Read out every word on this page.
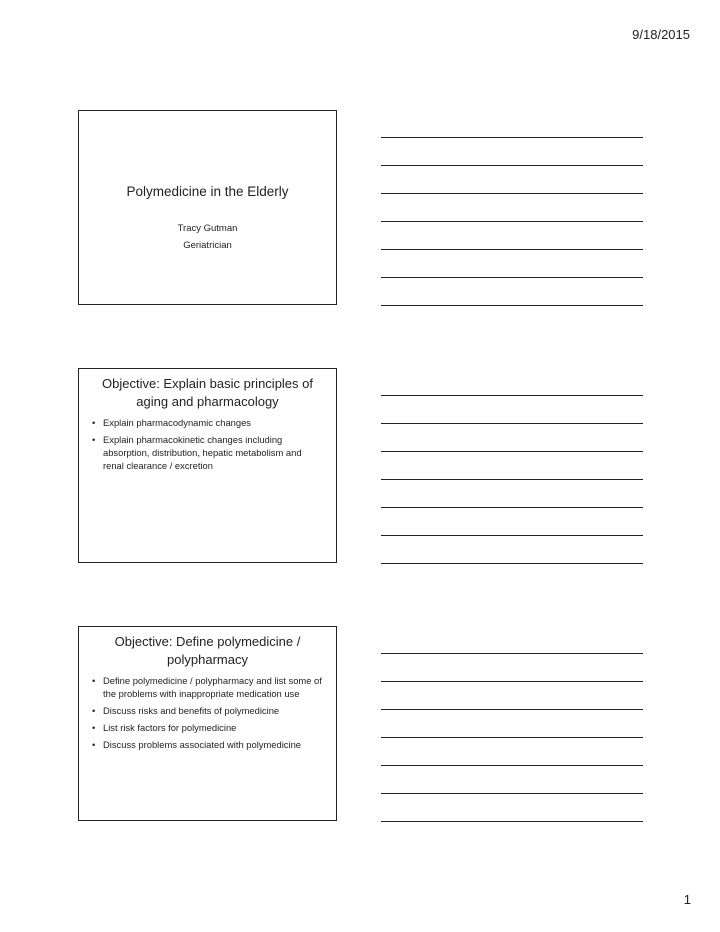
9/18/2015
Polymedicine in the Elderly
Tracy Gutman
Geriatrician
Objective: Explain basic principles of aging and pharmacology
• Explain pharmacodynamic changes
• Explain pharmacokinetic changes including absorption, distribution, hepatic metabolism and renal clearance / excretion
Objective: Define polymedicine / polypharmacy
• Define polymedicine / polypharmacy and list some of the problems with inappropriate medication use
• Discuss risks and benefits of polymedicine
• List risk factors for polymedicine
• Discuss problems associated with polymedicine
1
